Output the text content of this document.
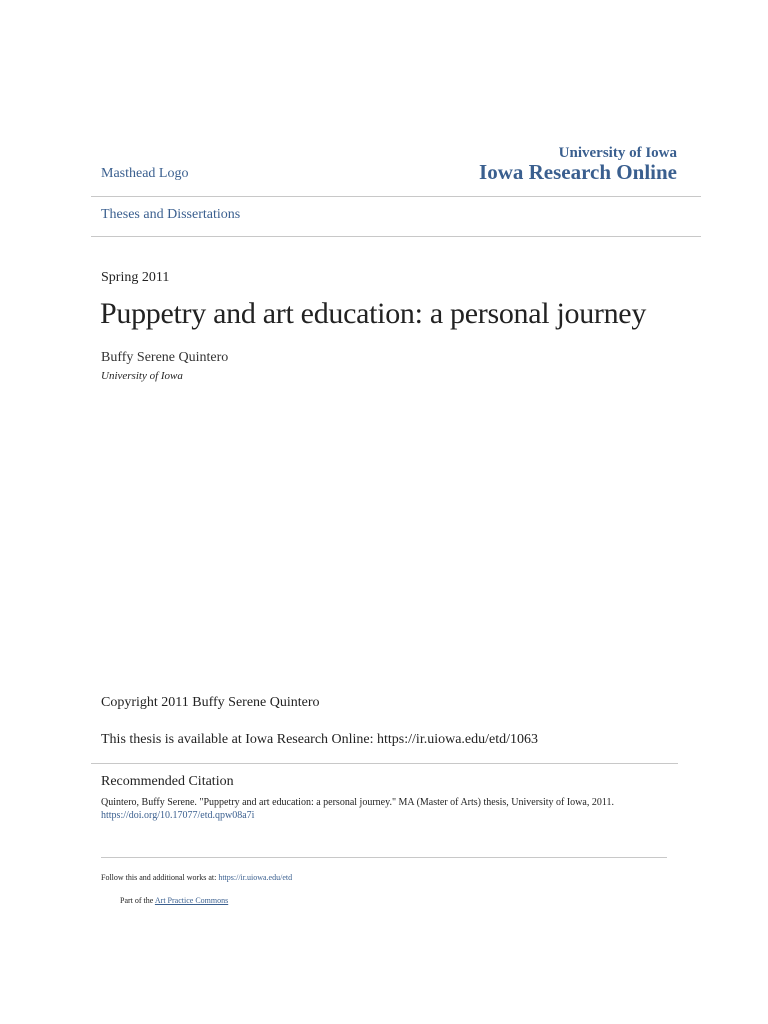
Masthead Logo
University of Iowa
Iowa Research Online
Theses and Dissertations
Spring 2011
Puppetry and art education: a personal journey
Buffy Serene Quintero
University of Iowa
Copyright 2011 Buffy Serene Quintero
This thesis is available at Iowa Research Online: https://ir.uiowa.edu/etd/1063
Recommended Citation
Quintero, Buffy Serene. "Puppetry and art education: a personal journey." MA (Master of Arts) thesis, University of Iowa, 2011.
https://doi.org/10.17077/etd.qpw08a7i
Follow this and additional works at: https://ir.uiowa.edu/etd
Part of the Art Practice Commons
